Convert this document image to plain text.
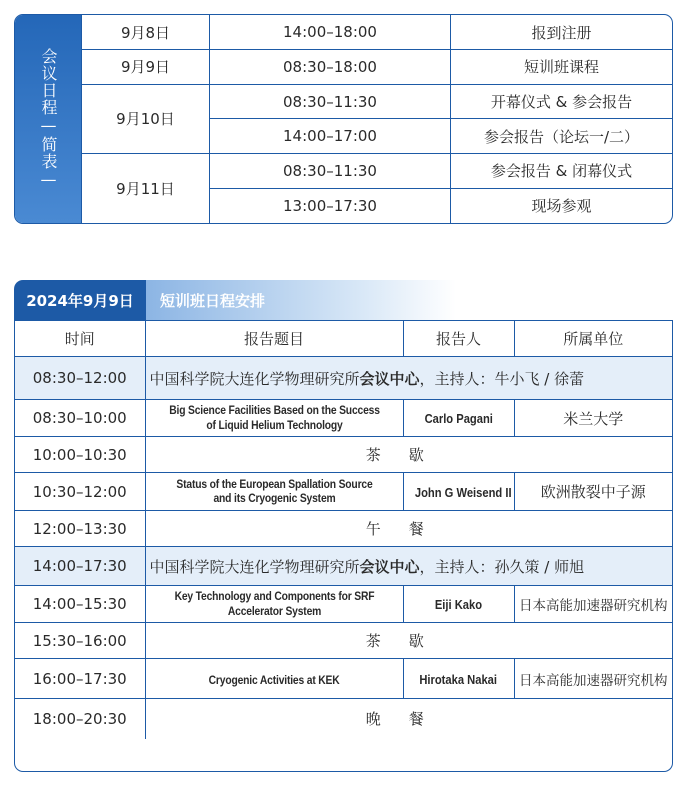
会议日程—简表—
9月8日	14:00–18:00	报到注册
9月9日	08:30–18:00	短训班课程
9月10日	08:30–11:30	开幕仪式 & 参会报告
	14:00–17:00	参会报告（论坛一/二）
9月11日	08:30–11:30	参会报告 & 闭幕仪式
	13:00–17:30	现场参观
2024年9月9日	短训班日程安排
时间	报告题目	报告人	所属单位
08:30–12:00	中国科学院大连化学物理研究所会议中心，主持人：牛小飞 / 徐蕾		
08:30–10:00	Big Science Facilities Based on the Success of Liquid Helium Technology	Carlo Pagani	米兰大学
10:00–10:30	茶歇		
10:30–12:00	Status of the European Spallation Source and its Cryogenic System	John G Weisend II	欧洲散裂中子源
12:00–13:30	午餐		
14:00–17:30	中国科学院大连化学物理研究所会议中心，主持人：孙久策 / 师旭		
14:00–15:30	Key Technology and Components for SRF Accelerator System	Eiji Kako	日本高能加速器研究机构
15:30–16:00	茶歇		
16:00–17:30	Cryogenic Activities at KEK	Hirotaka Nakai	日本高能加速器研究机构
18:00–20:30	晚餐		
